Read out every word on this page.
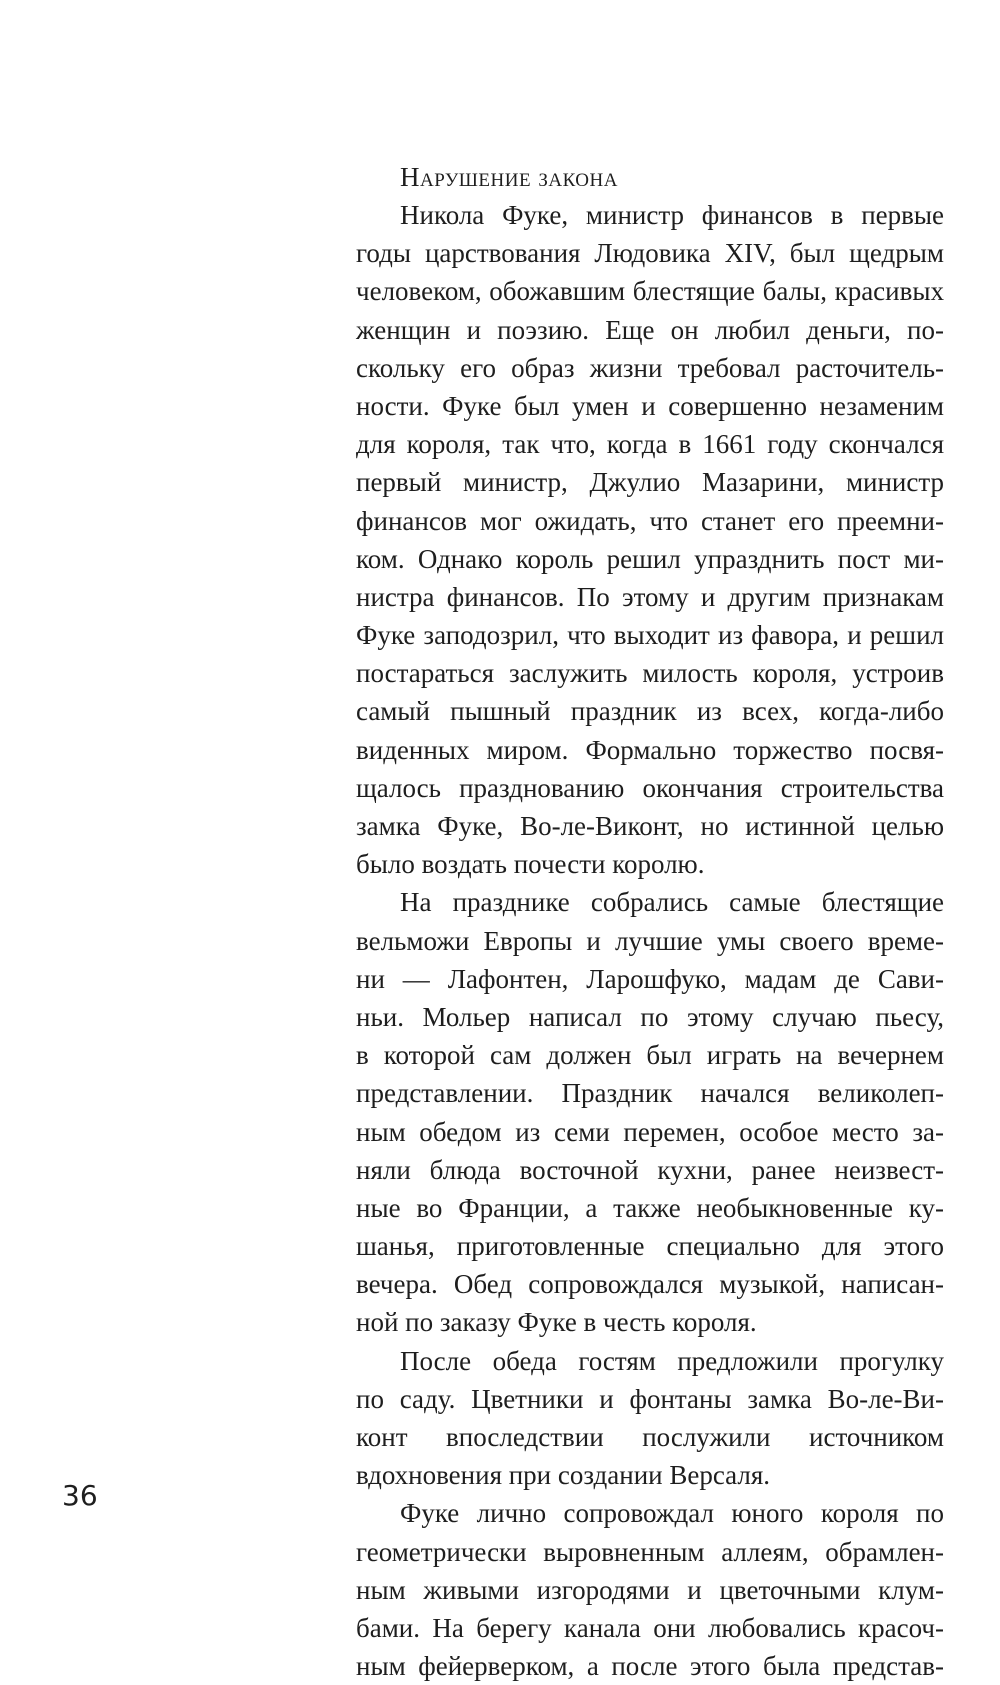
Нарушение закона
Никола Фуке, министр финансов в первые
годы царствования Людовика XIV, был щедрым
человеком, обожавшим блестящие балы, красивых
женщин и поэзию. Еще он любил деньги, по-
скольку его образ жизни требовал расточитель-
ности. Фуке был умен и совершенно незаменим
для короля, так что, когда в 1661 году скончался
первый министр, Джулио Мазарини, министр
финансов мог ожидать, что станет его преемни-
ком. Однако король решил упразднить пост ми-
нистра финансов. По этому и другим признакам
Фуке заподозрил, что выходит из фавора, и решил
постараться заслужить милость короля, устроив
самый пышный праздник из всех, когда-либо
виденных миром. Формально торжество посвя-
щалось празднованию окончания строительства
замка Фуке, Во-ле-Виконт, но истинной целью
было воздать почести королю.
На празднике собрались самые блестящие
вельможи Европы и лучшие умы своего време-
ни — Лафонтен, Ларошфуко, мадам де Сави-
ньи. Мольер написал по этому случаю пьесу,
в которой сам должен был играть на вечернем
представлении. Праздник начался великолеп-
ным обедом из семи перемен, особое место за-
няли блюда восточной кухни, ранее неизвест-
ные во Франции, а также необыкновенные ку-
шанья, приготовленные специально для этого
вечера. Обед сопровождался музыкой, написан-
ной по заказу Фуке в честь короля.
После обеда гостям предложили прогулку
по саду. Цветники и фонтаны замка Во-ле-Ви-
конт впоследствии послужили источником
вдохновения при создании Версаля.
Фуке лично сопровождал юного короля по
геометрически выровненным аллеям, обрамлен-
ным живыми изгородями и цветочными клум-
бами. На берегу канала они любовались красоч-
ным фейерверком, а после этого была представ-
36
